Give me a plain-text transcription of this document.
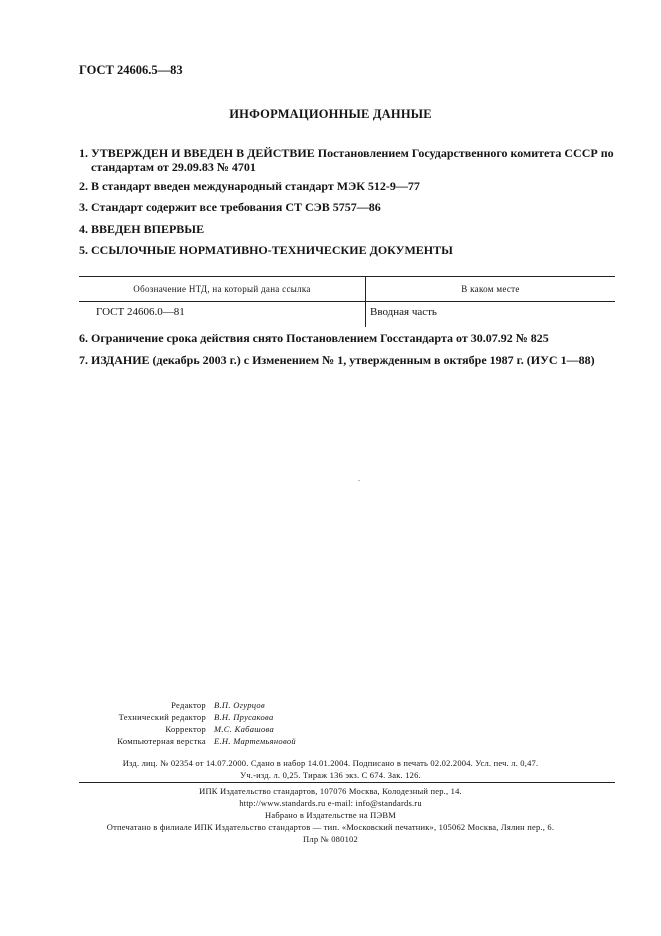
ГОСТ 24606.5—83
ИНФОРМАЦИОННЫЕ ДАННЫЕ
1. УТВЕРЖДЕН И ВВЕДЕН В ДЕЙСТВИЕ Постановлением Государственного комитета СССР по
стандартам от 29.09.83 № 4701
2. В стандарт введен международный стандарт МЭК 512-9—77
3. Стандарт содержит все требования СТ СЭВ 5757—86
4. ВВЕДЕН ВПЕРВЫЕ
5. ССЫЛОЧНЫЕ НОРМАТИВНО-ТЕХНИЧЕСКИЕ ДОКУМЕНТЫ
Обозначение НТД, на который дана ссылка	В каком месте
ГОСТ 24606.0—81	Вводная часть
6. Ограничение срока действия снято Постановлением Госстандарта от 30.07.92 № 825
7. ИЗДАНИЕ (декабрь 2003 г.) с Изменением № 1, утвержденным в октябре 1987 г. (ИУС 1—88)
Редактор В.П. Огурцов
Технический редактор В.Н. Прусакова
Корректор М.С. Кабашова
Компьютерная верстка Е.Н. Мартемьяновой
Изд. лиц. № 02354 от 14.07.2000. Сдано в набор 14.01.2004. Подписано в печать 02.02.2004. Усл. печ. л. 0,47.
Уч.-изд. л. 0,25. Тираж 136 экз. С 674. Зак. 126.
ИПК Издательство стандартов, 107076 Москва, Колодезный пер., 14.
http://www.standards.ru e-mail: info@standards.ru
Набрано в Издательстве на ПЭВМ
Отпечатано в филиале ИПК Издательство стандартов — тип. «Московский печатник», 105062 Москва, Лялин пер., 6.
Плр № 080102
